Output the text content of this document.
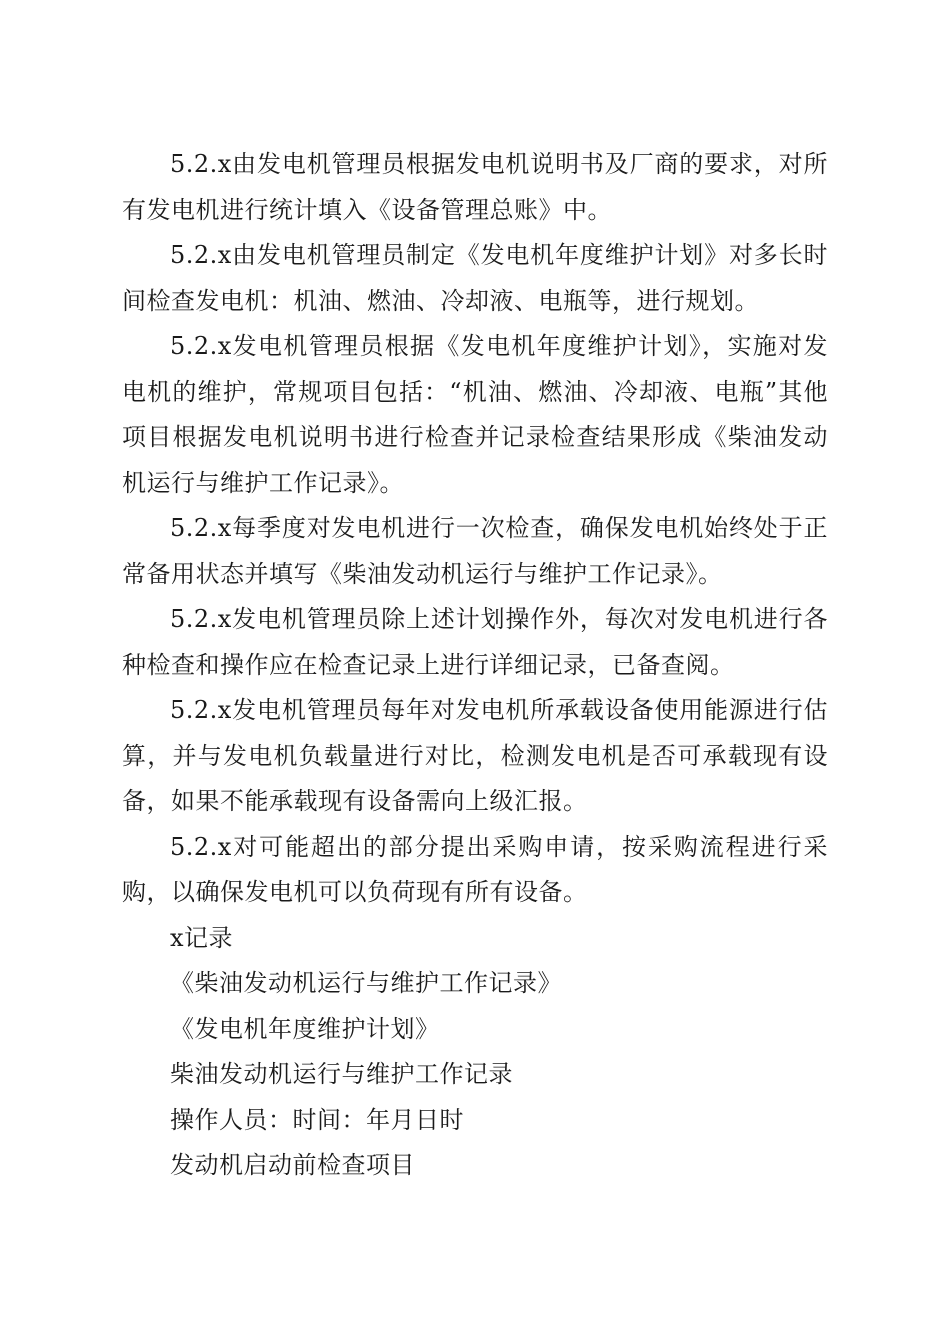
5.2.x由发电机管理员根据发电机说明书及厂商的要求，对所有发电机进行统计填入《设备管理总账》中。

5.2.x由发电机管理员制定《发电机年度维护计划》对多长时间检查发电机：机油、燃油、冷却液、电瓶等，进行规划。

5.2.x发电机管理员根据《发电机年度维护计划》，实施对发电机的维护，常规项目包括：“机油、燃油、冷却液、电瓶”其他项目根据发电机说明书进行检查并记录检查结果形成《柴油发动机运行与维护工作记录》。

5.2.x每季度对发电机进行一次检查，确保发电机始终处于正常备用状态并填写《柴油发动机运行与维护工作记录》。

5.2.x发电机管理员除上述计划操作外，每次对发电机进行各种检查和操作应在检查记录上进行详细记录，已备查阅。

5.2.x发电机管理员每年对发电机所承载设备使用能源进行估算，并与发电机负载量进行对比，检测发电机是否可承载现有设备，如果不能承载现有设备需向上级汇报。

5.2.x对可能超出的部分提出采购申请，按采购流程进行采购，以确保发电机可以负荷现有所有设备。

x记录

《柴油发动机运行与维护工作记录》

《发电机年度维护计划》

柴油发动机运行与维护工作记录

操作人员：时间：年月日时

发动机启动前检查项目
